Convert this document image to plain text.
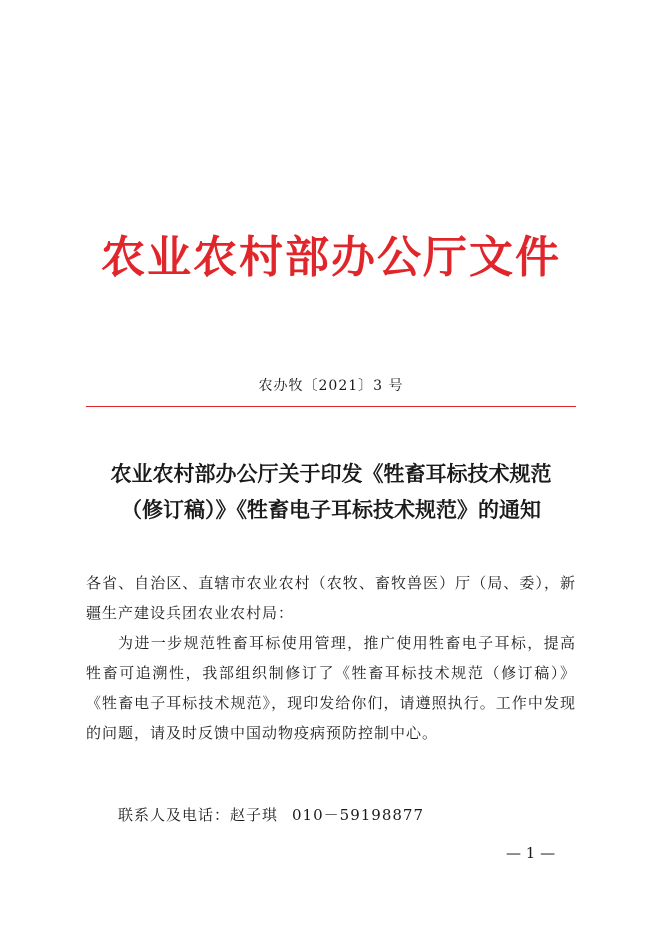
农业农村部办公厅文件
农办牧〔2021〕3 号
农业农村部办公厅关于印发《牲畜耳标技术规范
（修订稿）》《牲畜电子耳标技术规范》的通知

各省、自治区、直辖市农业农村（农牧、畜牧兽医）厅（局、委），新疆生产建设兵团农业农村局：

为进一步规范牲畜耳标使用管理，推广使用牲畜电子耳标，提高牲畜可追溯性，我部组织制修订了《牲畜耳标技术规范（修订稿）》《牲畜电子耳标技术规范》，现印发给你们，请遵照执行。工作中发现的问题，请及时反馈中国动物疫病预防控制中心。

联系人及电话：赵子琪 010－59198877
— 1 —
